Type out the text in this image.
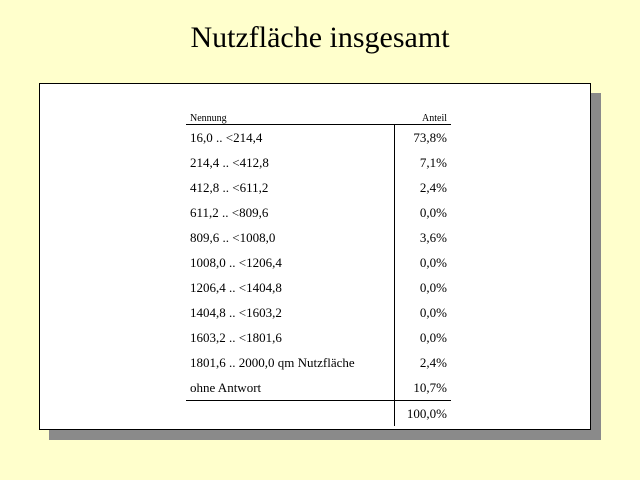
Nutzfläche insgesamt
Nennung	Anteil
16,0 .. <214,4	73,8%
214,4 .. <412,8	7,1%
412,8 .. <611,2	2,4%
611,2 .. <809,6	0,0%
809,6 .. <1008,0	3,6%
1008,0 .. <1206,4	0,0%
1206,4 .. <1404,8	0,0%
1404,8 .. <1603,2	0,0%
1603,2 .. <1801,6	0,0%
1801,6 .. 2000,0 qm Nutzfläche	2,4%
ohne Antwort	10,7%
	100,0%
